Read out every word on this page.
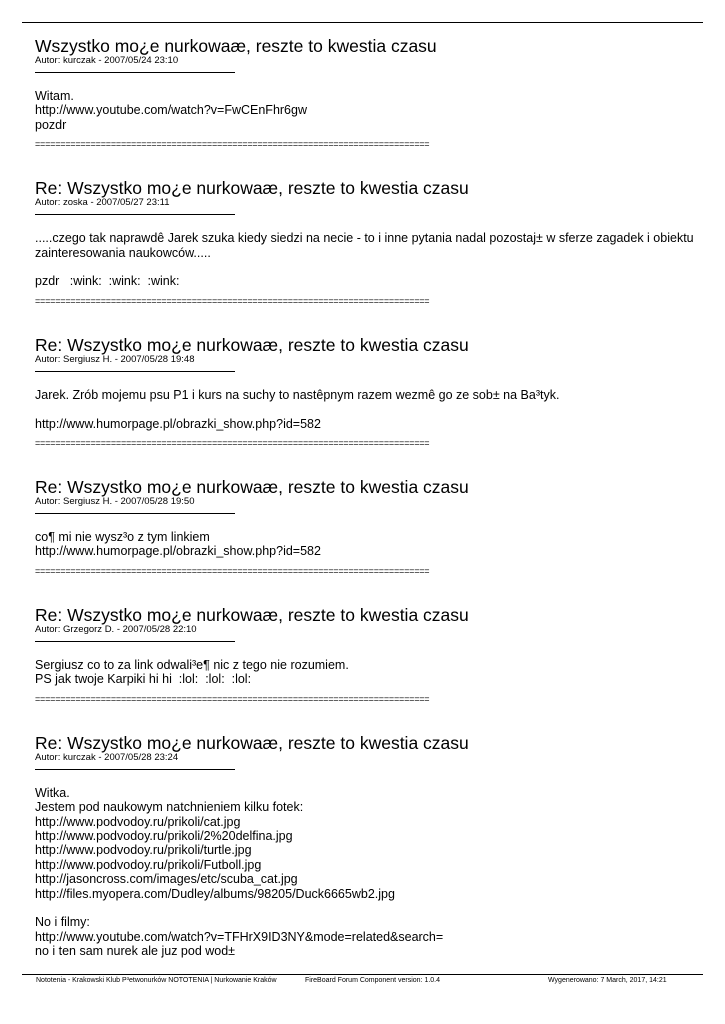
Wszystko mo¿e nurkowaæ, reszte to kwestia czasu
Autor: kurczak - 2007/05/24 23:10
Witam.
http://www.youtube.com/watch?v=FwCEnFhr6gw
pozdr
==============================================================================
Re: Wszystko mo¿e nurkowaæ, reszte to kwestia czasu
Autor: zoska - 2007/05/27 23:11
.....czego tak naprawdê Jarek szuka kiedy siedzi na necie - to i inne pytania nadal pozostaj± w sferze zagadek i obiektu zainteresowania naukowców.....

pzdr   :wink:  :wink:  :wink:
==============================================================================
Re: Wszystko mo¿e nurkowaæ, reszte to kwestia czasu
Autor: Sergiusz H. - 2007/05/28 19:48
Jarek. Zrób mojemu psu P1 i kurs na suchy to nastêpnym razem wezmê go ze sob± na Ba³tyk.

http://www.humorpage.pl/obrazki_show.php?id=582
==============================================================================
Re: Wszystko mo¿e nurkowaæ, reszte to kwestia czasu
Autor: Sergiusz H. - 2007/05/28 19:50
co¶ mi nie wysz³o z tym linkiem
http://www.humorpage.pl/obrazki_show.php?id=582
==============================================================================
Re: Wszystko mo¿e nurkowaæ, reszte to kwestia czasu
Autor: Grzegorz D. - 2007/05/28 22:10
Sergiusz co to za link odwali³e¶ nic z tego nie rozumiem.
PS jak twoje Karpiki hi hi  :lol:  :lol:  :lol:
==============================================================================
Re: Wszystko mo¿e nurkowaæ, reszte to kwestia czasu
Autor: kurczak - 2007/05/28 23:24
Witka.
Jestem pod naukowym natchnieniem kilku fotek:
http://www.podvodoy.ru/prikoli/cat.jpg
http://www.podvodoy.ru/prikoli/2%20delfina.jpg
http://www.podvodoy.ru/prikoli/turtle.jpg
http://www.podvodoy.ru/prikoli/Futboll.jpg
http://jasoncross.com/images/etc/scuba_cat.jpg
http://files.myopera.com/Dudley/albums/98205/Duck6665wb2.jpg

No i filmy:
http://www.youtube.com/watch?v=TFHrX9ID3NY&mode=related&search=
no i ten sam nurek ale juz pod wod±
Nototenia - Krakowski Klub P³etwonurków NOTOTENIA | Nurkowanie Kraków	FireBoard Forum Component version: 1.0.4	Wygenerowano: 7 March, 2017, 14:21
